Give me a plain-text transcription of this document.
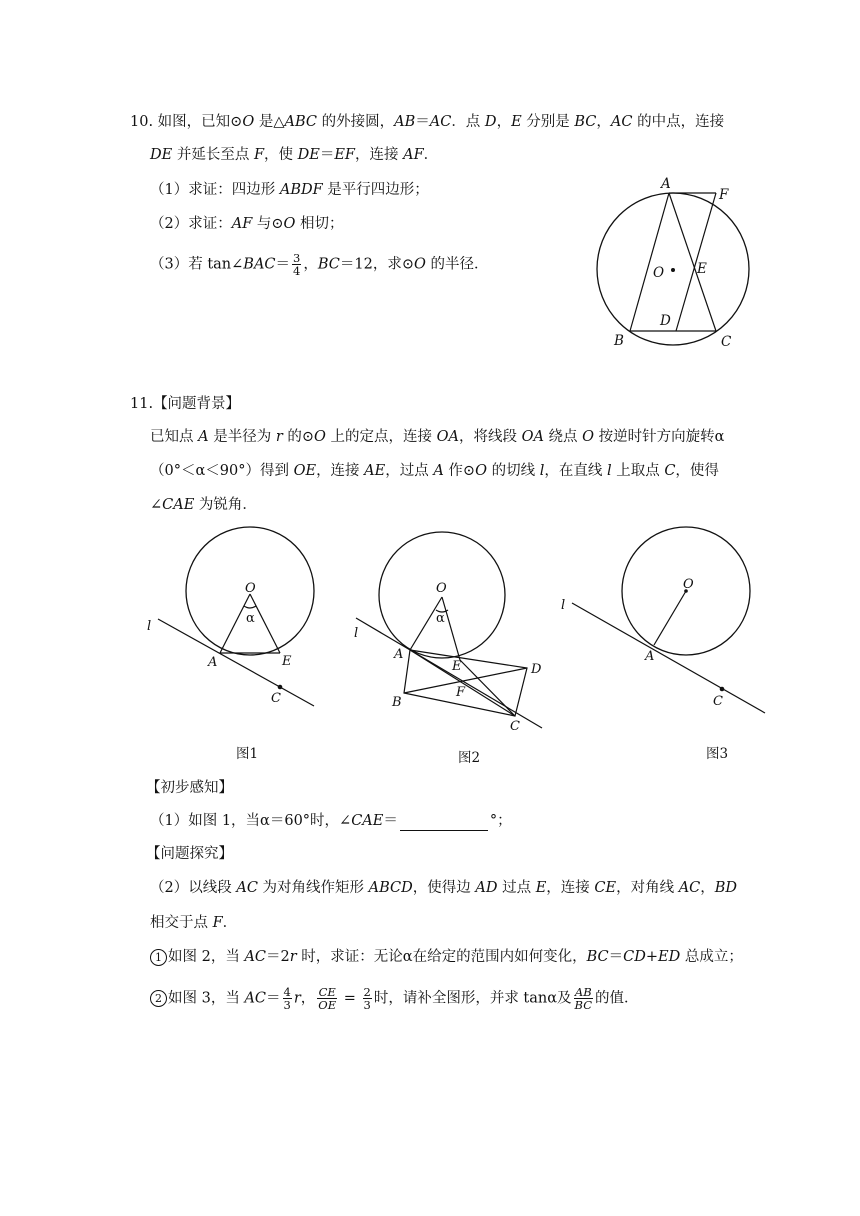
10. 如图，已知⊙O 是△ABC 的外接圆，AB＝AC．点 D，E 分别是 BC，AC 的中点，连接
DE 并延长至点 F，使 DE＝EF，连接 AF．
（1）求证：四边形 ABDF 是平行四边形；
（2）求证：AF 与⊙O 相切；
（3）若 tan∠BAC＝ $\frac{3}{4}$ ，BC＝12，求⊙O 的半径．
A
F
O E
D
B	C
11.【问题背景】
已知点 A 是半径为 r 的⊙O 上的定点，连接 OA，将线段 OA 绕点 O 按逆时针方向旋转α
（0°＜α＜90°）得到 OE，连接 AE，过点 A 作⊙O 的切线 l，在直线 l 上取点 C，使得
∠CAE 为锐角．
O
α
l
A	E
C
图1
O
α
l
A
E	D
F
B
C
图2
O
l
A
C
图3
【初步感知】
（1）如图 1，当α＝60°时，∠CAE＝	°；
【问题探究】
（2）以线段 AC 为对角线作矩形 ABCD，使得边 AD 过点 E，连接 CE，对角线 AC，BD
相交于点 F．
1 如图 2，当 AC＝2r 时，求证：无论α在给定的范围内如何变化，BC＝CD+ED 总成立；
2 如图 3，当 $AC= \frac{4}{3}$ r， $\frac{CE}{OE} = \frac{2}{3}$ 时，请补全图形，并求 tanα及 $\frac{AB}{BC}$ 的值．
